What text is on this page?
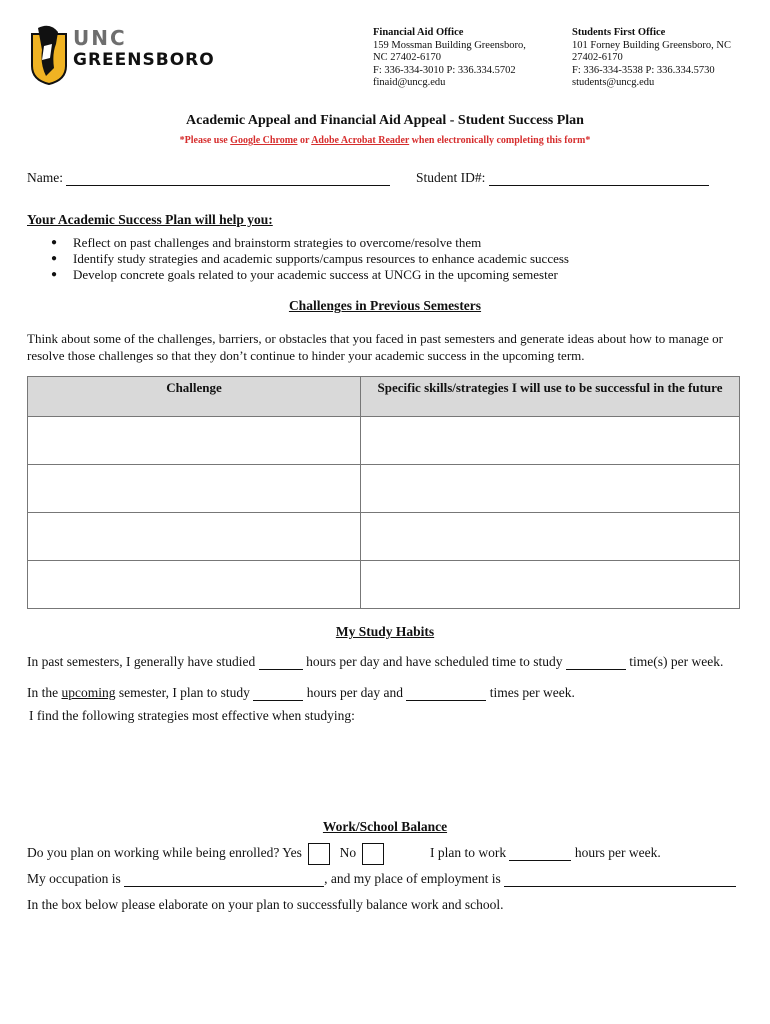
UNC
GREENSBORO
Financial Aid Office
159 Mossman Building Greensboro,
NC 27402-6170
F: 336-334-3010 P: 336.334.5702
finaid@uncg.edu
Students First Office
101 Forney Building Greensboro, NC
27402-6170
F: 336-334-3538 P: 336.334.5730
students@uncg.edu
Academic Appeal and Financial Aid Appeal - Student Success Plan
*Please use Google Chrome or Adobe Acrobat Reader when electronically completing this form*
Name:	Student ID#:
Your Academic Success Plan will help you:
● Reflect on past challenges and brainstorm strategies to overcome/resolve them
● Identify study strategies and academic supports/campus resources to enhance academic success
● Develop concrete goals related to your academic success at UNCG in the upcoming semester
Challenges in Previous Semesters
Think about some of the challenges, barriers, or obstacles that you faced in past semesters and generate ideas about how to manage or
resolve those challenges so that they don’t continue to hinder your academic success in the upcoming term.
Challenge	Specific skills/strategies I will use to be successful in the future

My Study Habits
In past semesters, I generally have studied	hours per day and have scheduled time to study	time(s) per week.
In the upcoming semester, I plan to study	hours per day and	times per week.
I find the following strategies most effective when studying:
Work/School Balance
Do you plan on working while being enrolled? Yes	No	I plan to work	hours per week.
My occupation is	, and my place of employment is
In the box below please elaborate on your plan to successfully balance work and school.
